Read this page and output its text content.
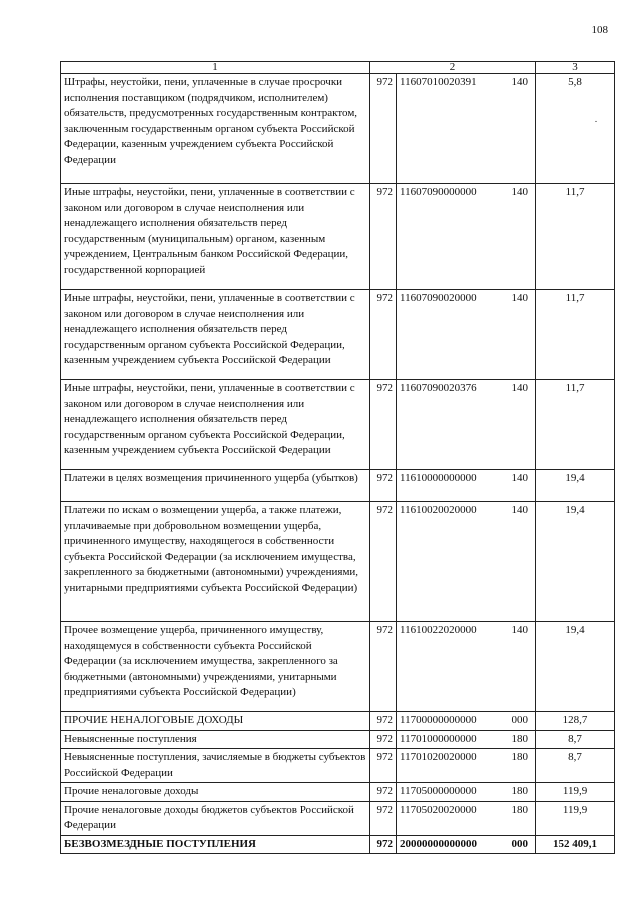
108
1	2			3
Штрафы, неустойки, пени, уплаченные в случае просрочки исполнения поставщиком (подрядчиком, исполнителем) обязательств, предусмотренных государственным контрактом, заключенным государственным органом субъекта Российской Федерации, казенным учреждением субъекта Российской Федерации	972	11607010020391	140	5,8
.

Иные штрафы, неустойки, пени, уплаченные в соответствии с законом или договором в случае неисполнения или ненадлежащего исполнения обязательств перед государственным (муниципальным) органом, казенным учреждением, Центральным банком Российской Федерации, государственной корпорацией	972	11607090000000	140	11,7
Иные штрафы, неустойки, пени, уплаченные в соответствии с законом или договором в случае неисполнения или ненадлежащего исполнения обязательств перед государственным органом субъекта Российской Федерации, казенным учреждением субъекта Российской Федерации	972	11607090020000	140	11,7
Иные штрафы, неустойки, пени, уплаченные в соответствии с законом или договором в случае неисполнения или ненадлежащего исполнения обязательств перед государственным органом субъекта Российской Федерации, казенным учреждением субъекта Российской Федерации	972	11607090020376	140	11,7
Платежи в целях возмещения причиненного ущерба (убытков)	972	11610000000000	140	19,4
Платежи по искам о возмещении ущерба, а также платежи, уплачиваемые при добровольном возмещении ущерба, причиненного имуществу, находящегося в собственности субъекта Российской Федерации (за исключением имущества, закрепленного за бюджетными (автономными) учреждениями, унитарными предприятиями субъекта Российской Федерации)	972	11610020020000	140	19,4
Прочее возмещение ущерба, причиненного имуществу, находящемуся в собственности субъекта Российской Федерации (за исключением имущества, закрепленного за бюджетными (автономными) учреждениями, унитарными предприятиями субъекта Российской Федерации)	972	11610022020000	140	19,4
ПРОЧИЕ НЕНАЛОГОВЫЕ ДОХОДЫ	972	11700000000000	000	128,7
Невыясненные поступления	972	11701000000000	180	8,7
Невыясненные поступления, зачисляемые в бюджеты субъектов Российской Федерации	972	11701020020000	180	8,7
Прочие неналоговые доходы	972	11705000000000	180	119,9
Прочие неналоговые доходы бюджетов субъектов Российской Федерации	972	11705020020000	180	119,9
БЕЗВОЗМЕЗДНЫЕ ПОСТУПЛЕНИЯ	972	20000000000000	000	152 409,1
